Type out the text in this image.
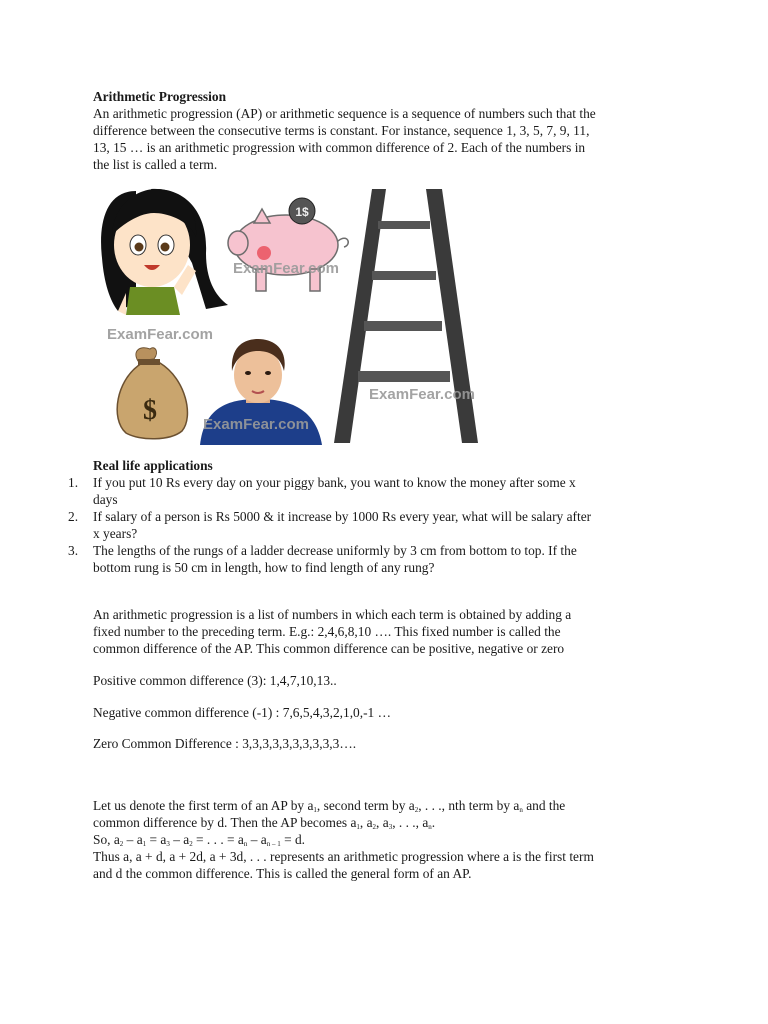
Arithmetic Progression
An arithmetic progression (AP) or arithmetic sequence is a sequence of numbers such that the
difference between the consecutive terms is constant. For instance, sequence 1, 3, 5, 7, 9, 11,
13, 15 … is an arithmetic progression with common difference of 2. Each of the numbers in
the list is called a term.
ExamFear.com
1$
ExamFear.com
ExamFear.com
$	ExamFear.com
Real life applications
1. If you put 10 Rs every day on your piggy bank, you want to know the money after some x
days
2. If salary of a person is Rs 5000 & it increase by 1000 Rs every year, what will be salary after
x years?
3. The lengths of the rungs of a ladder decrease uniformly by 3 cm from bottom to top. If the
bottom rung is 50 cm in length, how to find length of any rung?
An arithmetic progression is a list of numbers in which each term is obtained by adding a
fixed number to the preceding term. E.g.: 2,4,6,8,10 …. This fixed number is called the
common difference of the AP. This common difference can be positive, negative or zero
Positive common difference (3): 1,4,7,10,13..
Negative common difference (-1) : 7,6,5,4,3,2,1,0,-1 …
Zero Common Difference : 3,3,3,3,3,3,3,3,3,3….
Let us denote the first term of an AP by $a_1$, second term by $a_2$, . . ., nth term by $a_n$ and the
common difference by d. Then the AP becomes $a_1$, $a_2$, $a_3$, . . ., $a_n$.
So, $a_2 - a_1 = a_3 - a_2$ = . . . = $a_n - a_{n - 1} = d$.
Thus a, a + d, a + 2d, a + 3d, . . . represents an arithmetic progression where a is the first term
and d the common difference. This is called the general form of an AP.
